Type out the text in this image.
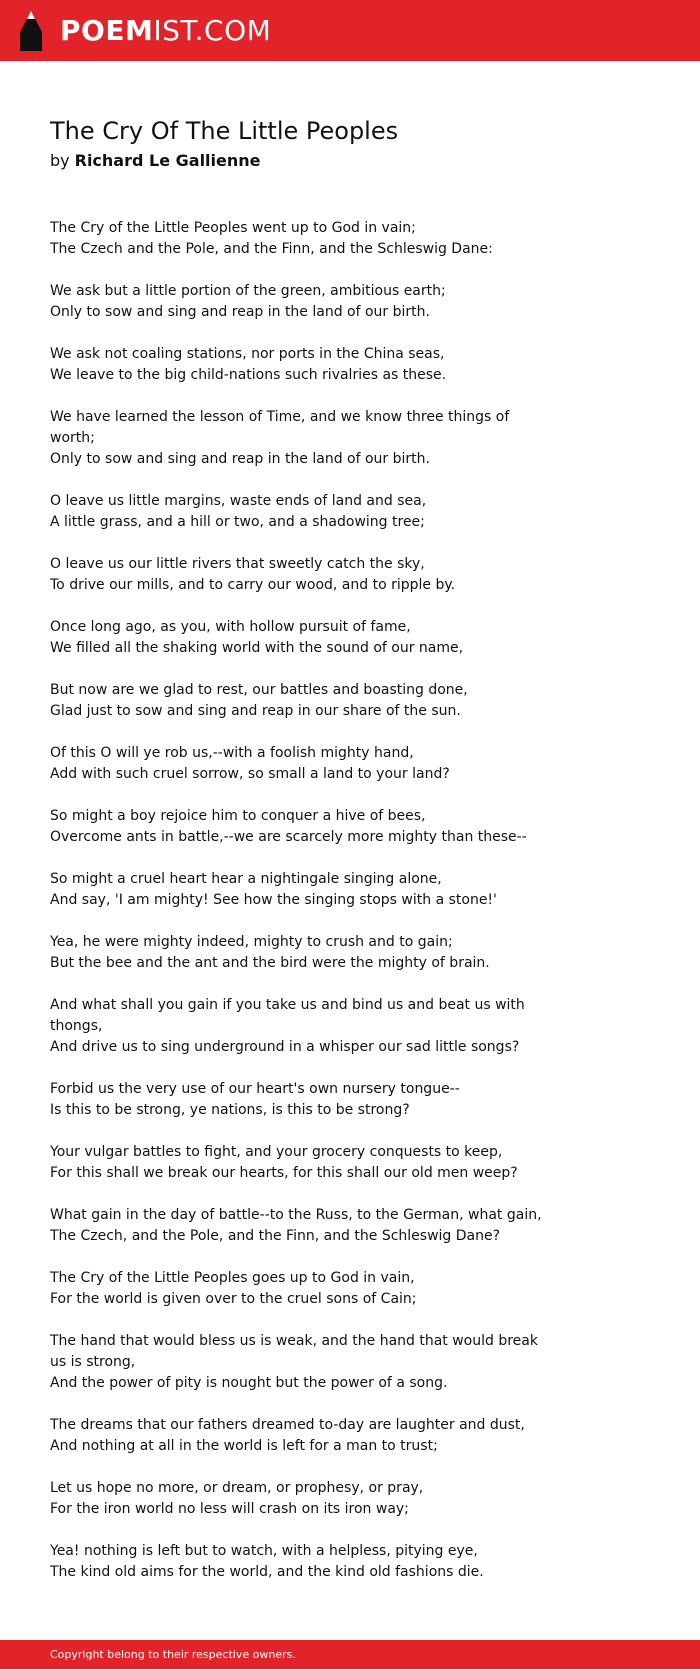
POEMIST.COM
The Cry Of The Little Peoples
by Richard Le Gallienne

The Cry of the Little Peoples went up to God in vain;
The Czech and the Pole, and the Finn, and the Schleswig Dane:

We ask but a little portion of the green, ambitious earth;
Only to sow and sing and reap in the land of our birth.

We ask not coaling stations, nor ports in the China seas,
We leave to the big child-nations such rivalries as these.

We have learned the lesson of Time, and we know three things of worth;
Only to sow and sing and reap in the land of our birth.

O leave us little margins, waste ends of land and sea,
A little grass, and a hill or two, and a shadowing tree;

O leave us our little rivers that sweetly catch the sky,
To drive our mills, and to carry our wood, and to ripple by.

Once long ago, as you, with hollow pursuit of fame,
We filled all the shaking world with the sound of our name,

But now are we glad to rest, our battles and boasting done,
Glad just to sow and sing and reap in our share of the sun.

Of this O will ye rob us,--with a foolish mighty hand,
Add with such cruel sorrow, so small a land to your land?

So might a boy rejoice him to conquer a hive of bees,
Overcome ants in battle,--we are scarcely more mighty than these--

So might a cruel heart hear a nightingale singing alone,
And say, 'I am mighty! See how the singing stops with a stone!'

Yea, he were mighty indeed, mighty to crush and to gain;
But the bee and the ant and the bird were the mighty of brain.

And what shall you gain if you take us and bind us and beat us with thongs,
And drive us to sing underground in a whisper our sad little songs?

Forbid us the very use of our heart's own nursery tongue--
Is this to be strong, ye nations, is this to be strong?

Your vulgar battles to fight, and your grocery conquests to keep,
For this shall we break our hearts, for this shall our old men weep?

What gain in the day of battle--to the Russ, to the German, what gain,
The Czech, and the Pole, and the Finn, and the Schleswig Dane?

The Cry of the Little Peoples goes up to God in vain,
For the world is given over to the cruel sons of Cain;

The hand that would bless us is weak, and the hand that would break us is strong,
And the power of pity is nought but the power of a song.

The dreams that our fathers dreamed to-day are laughter and dust,
And nothing at all in the world is left for a man to trust;

Let us hope no more, or dream, or prophesy, or pray,
For the iron world no less will crash on its iron way;

Yea! nothing is left but to watch, with a helpless, pitying eye,
The kind old aims for the world, and the kind old fashions die.

Copyright belong to their respective owners.
